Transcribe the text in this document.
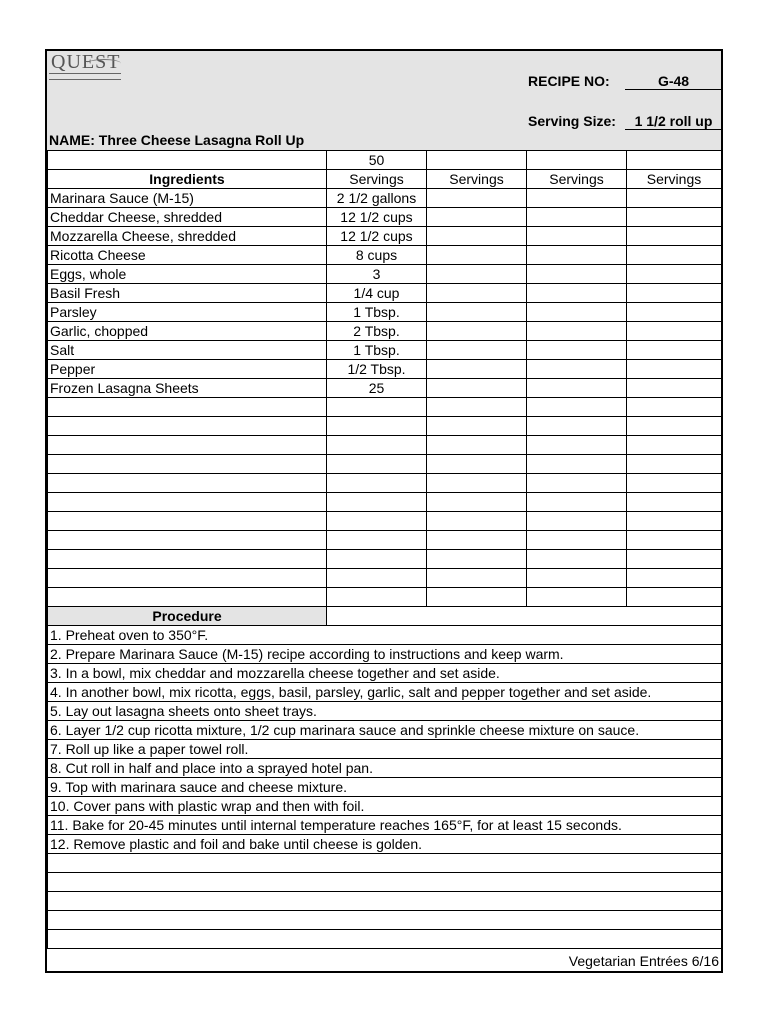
QUEST
RECIPE NO:	G-48
Serving Size:	1 1/2 roll up
NAME: Three Cheese Lasagna Roll Up
	50			
Ingredients	Servings	Servings	Servings	Servings
Marinara Sauce (M-15)	2 1/2 gallons			
Cheddar Cheese, shredded	12 1/2 cups			
Mozzarella Cheese, shredded	12 1/2 cups			
Ricotta Cheese	8 cups			
Eggs, whole	3			
Basil Fresh	1/4 cup			
Parsley	1 Tbsp.			
Garlic, chopped	2 Tbsp.			
Salt	1 Tbsp.			
Pepper	1/2 Tbsp.			
Frozen Lasagna Sheets	25			

Procedure				
1. Preheat oven to 350°F.				
2. Prepare Marinara Sauce (M-15) recipe according to instructions and keep warm.				
3. In a bowl, mix cheddar and mozzarella cheese together and set aside.				
4. In another bowl, mix ricotta, eggs, basil, parsley, garlic, salt and pepper together and set aside.				
5. Lay out lasagna sheets onto sheet trays.				
6. Layer 1/2 cup ricotta mixture, 1/2 cup marinara sauce and sprinkle cheese mixture on sauce.				
7. Roll up like a paper towel roll.				
8. Cut roll in half and place into a sprayed hotel pan.				
9. Top with marinara sauce and cheese mixture.				
10. Cover pans with plastic wrap and then with foil.				
11. Bake for 20-45 minutes until internal temperature reaches 165°F, for at least 15 seconds.				
12. Remove plastic and foil and bake until cheese is golden.				

Vegetarian Entrées 6/16
